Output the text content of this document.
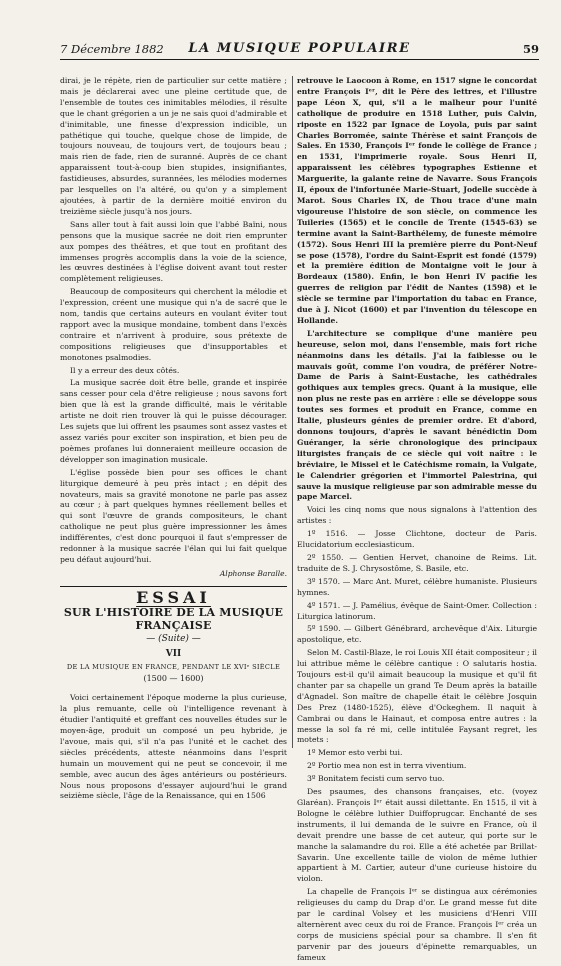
7 Décembre 1882	LA MUSIQUE POPULAIRE	59

dirai, je le répète, rien de particulier sur cette matière ; mais je déclarerai avec une pleine certitude que, de l'ensemble de toutes ces inimitables mélodies, il résulte que le chant grégorien a un je ne sais quoi d'admirable et d'inimitable, une finesse d'expression indicible, un pathétique qui touche, quelque chose de limpide, de toujours nouveau, de toujours vert, de toujours beau ; mais rien de fade, rien de suranné. Auprès de ce chant apparaissent tout-à-coup bien stupides, insignifiantes, fastidieuses, absurdes, surannées, les mélodies modernes par lesquelles on l'a altéré, ou qu'on y a simplement ajoutées, à partir de la dernière moitié environ du treizième siècle jusqu'à nos jours.

Sans aller tout à fait aussi loin que l'abbé Baïni, nous pensons que la musique sacrée ne doit rien emprunter aux pompes des théâtres, et que tout en profitant des immenses progrès accomplis dans la voie de la science, les œuvres destinées à l'église doivent avant tout rester complètement religieuses.

Beaucoup de compositeurs qui cherchent la mélodie et l'expression, créent une musique qui n'a de sacré que le nom, tandis que certains auteurs en voulant éviter tout rapport avec la musique mondaine, tombent dans l'excès contraire et n'arrivent à produire, sous prétexte de compositions religieuses que d'insupportables et monotones psalmodies.

Il y a erreur des deux côtés.

La musique sacrée doit être belle, grande et inspirée sans cesser pour cela d'être religieuse ; nous savons fort bien que là est la grande difficulté, mais le véritable artiste ne doit rien trouver là qui le puisse décourager. Les sujets que lui offrent les psaumes sont assez vastes et assez variés pour exciter son inspiration, et bien peu de poèmes profanes lui donneraient meilleure occasion de développer son imagination musicale.

L'église possède bien pour ses offices le chant liturgique demeuré à peu près intact ; en dépit des novateurs, mais sa gravité monotone ne parle pas assez au cœur ; à part quelques hymnes réellement belles et qui sont l'œuvre de grands compositeurs, le chant catholique ne peut plus guère impressionner les âmes indifférentes, c'est donc pourquoi il faut s'empresser de redonner à la musique sacrée l'élan qui lui fait quelque peu défaut aujourd'hui.

Alphonse Baralle.
ESSAI
SUR L'HISTOIRE DE LA MUSIQUE FRANÇAISE
— (Suite) —
VII
DE LA MUSIQUE EN FRANCE, PENDANT LE XVIᵉ SIÈCLE
(1500 — 1600)

Voici certainement l'époque moderne la plus curieuse, la plus remuante, celle où l'intelligence revenant à étudier l'antiquité et greffant ces nouvelles études sur le moyen-âge, produit un composé un peu hybride, je l'avoue, mais qui, s'il n'a pas l'unité et le cachet des siècles précédents, atteste néanmoins dans l'esprit humain un mouvement qui ne peut se concevoir, il me semble, avec aucun des âges antérieurs ou postérieurs. Nous nous proposons d'essayer aujourd'hui le grand seizième siècle, l'âge de la Renaissance, qui en 1506

retrouve le Laocoon à Rome, en 1517 signe le concordat entre François Iᵉʳ, dit le Père des lettres, et l'illustre pape Léon X, qui, s'il a le malheur pour l'unité catholique de produire en 1518 Luther, puis Calvin, riposte en 1522 par Ignace de Loyola, puis par saint Charles Borromée, sainte Thérèse et saint François de Sales. En 1530, François Iᵉʳ fonde le collège de France ; en 1531, l'imprimerie royale. Sous Henri II, apparaissent les célèbres typographes Estienne et Marguerite, la galante reine de Navarre. Sous François II, époux de l'infortunée Marie-Stuart, Jodelle succède à Marot. Sous Charles IX, de Thou trace d'une main vigoureuse l'histoire de son siècle, on commence les Tuileries (1565) et le concile de Trente (1545-63) se termine avant la Saint-Barthélemy, de funeste mémoire (1572). Sous Henri III la première pierre du Pont-Neuf se pose (1578), l'ordre du Saint-Esprit est fondé (1579) et la première édition de Montaigne voit le jour à Bordeaux (1580). Enfin, le bon Henri IV pacifie les guerres de religion par l'édit de Nantes (1598) et le siècle se termine par l'importation du tabac en France, due à J. Nicot (1600) et par l'invention du télescope en Hollande.

L'architecture se complique d'une manière peu heureuse, selon moi, dans l'ensemble, mais fort riche néanmoins dans les détails. J'ai la faiblesse ou le mauvais goût, comme l'on voudra, de préférer Notre-Dame de Paris à Saint-Eustache, les cathédrales gothiques aux temples grecs. Quant à la musique, elle non plus ne reste pas en arrière : elle se développe sous toutes ses formes et produit en France, comme en Italie, plusieurs génies de premier ordre. Et d'abord, donnons toujours, d'après le savant bénédictin Dom Guéranger, la série chronologique des principaux liturgistes français de ce siècle qui voit naître : le bréviaire, le Missel et le Catéchisme romain, la Vulgate, le Calendrier grégorien et l'immortel Palestrina, qui sauve la musique religieuse par son admirable messe du pape Marcel.

Voici les cinq noms que nous signalons à l'attention des artistes :

1º 1516. — Josse Clichtone, docteur de Paris. Elucidatorium ecclesiasticum.

2º 1550. — Gentien Hervet, chanoine de Reims. Lit. traduite de S. J. Chrysostôme, S. Basile, etc.

3º 1570. — Marc Ant. Muret, célèbre humaniste. Plusieurs hymnes.

4º 1571. — J. Pamélius, évêque de Saint-Omer. Collection : Liturgica latinorum.

5º 1590. — Gilbert Génébrard, archevêque d'Aix. Liturgie apostolique, etc.

Selon M. Castil-Blaze, le roi Louis XII était compositeur ; il lui attribue même le célèbre cantique : O salutaris hostia. Toujours est-il qu'il aimait beaucoup la musique et qu'il fit chanter par sa chapelle un grand Te Deum après la bataille d'Agnadel. Son maître de chapelle était le célèbre Josquin Des Prez (1480-1525), élève d'Ockeghem. Il naquit à Cambrai ou dans le Hainaut, et composa entre autres : la messe la sol fa ré mi, celle intitulée Faysant regret, les motets :

1º Memor esto verbi tui.

2º Portio mea non est in terra viventium.

3º Bonitatem fecisti cum servo tuo.

Des psaumes, des chansons françaises, etc. (voyez Glaréan). François Iᵉʳ était aussi dilettante. En 1515, il vit à Bologne le célèbre luthier Duiffoprugcar. Enchanté de ses instruments, il lui demanda de le suivre en France, où il devait prendre une basse de cet auteur, qui porte sur le manche la salamandre du roi. Elle a été achetée par Brillat-Savarin. Une excellente taille de violon de même luthier appartient à M. Cartier, auteur d'une curieuse histoire du violon.

La chapelle de François Iᵉʳ se distingua aux cérémonies religieuses du camp du Drap d'or. Le grand messe fut dite par le cardinal Volsey et les musiciens d'Henri VIII alternèrent avec ceux du roi de France. François Iᵉʳ créa un corps de musiciens spécial pour sa chambre. Il s'en fit parvenir par des joueurs d'épinette remarquables, un fameux
